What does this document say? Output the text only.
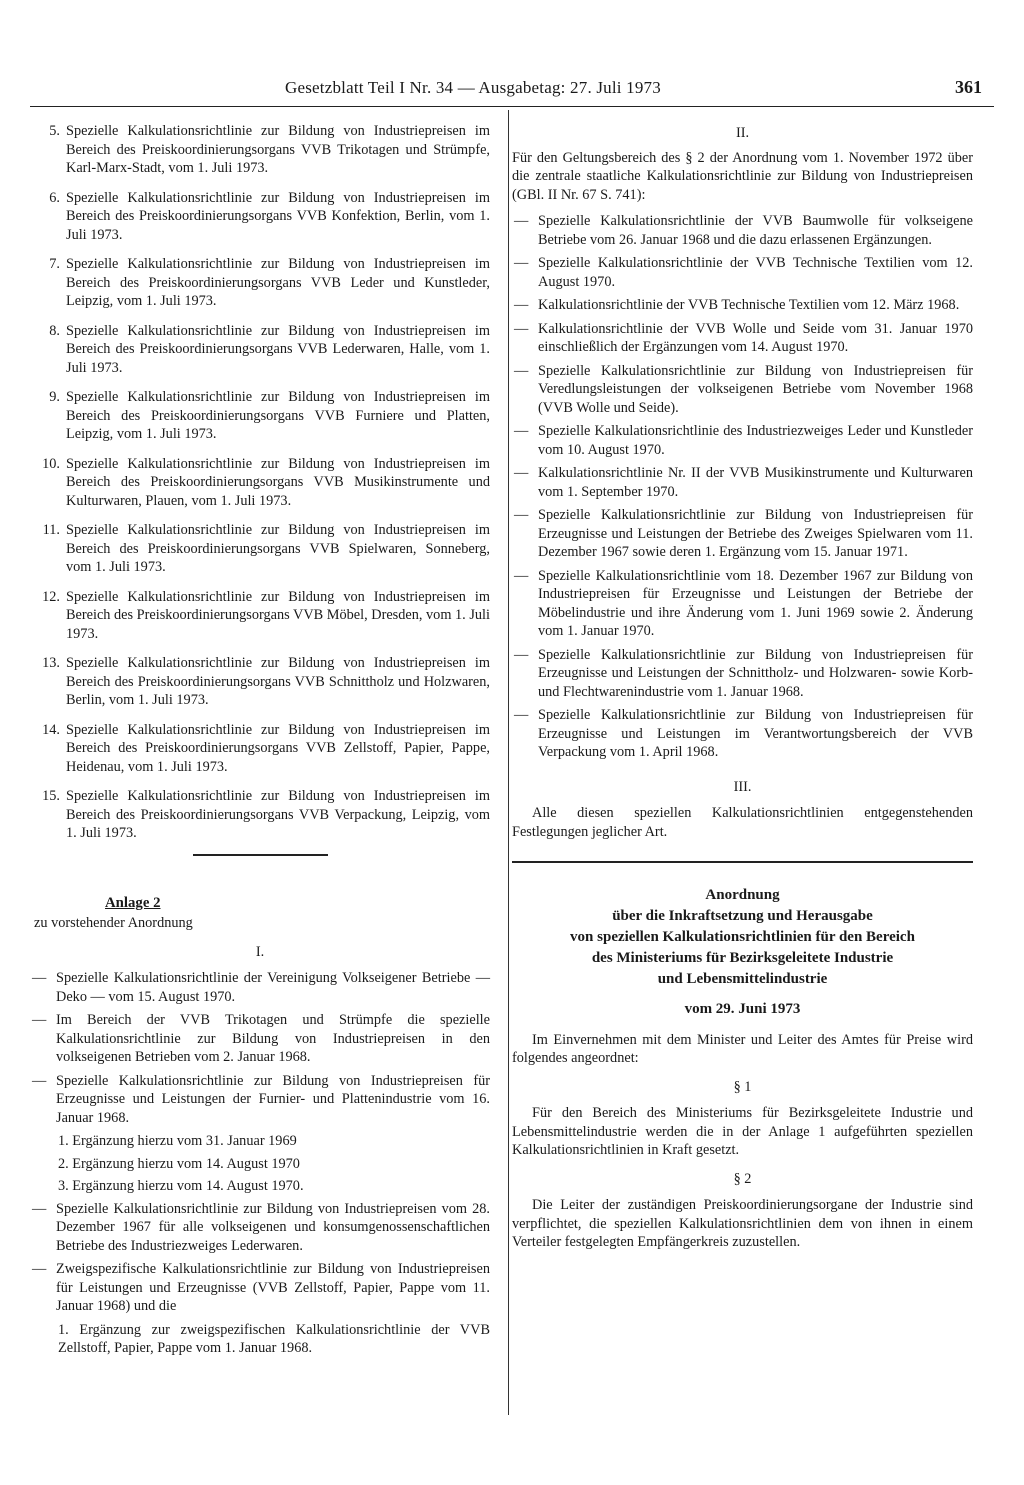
Gesetzblatt Teil I Nr. 34 — Ausgabetag: 27. Juli 1973	361
5. Spezielle Kalkulationsrichtlinie zur Bildung von Industriepreisen im Bereich des Preiskoordinierungsorgans VVB Trikotagen und Strümpfe, Karl-Marx-Stadt, vom 1. Juli 1973.
6. Spezielle Kalkulationsrichtlinie zur Bildung von Industriepreisen im Bereich des Preiskoordinierungsorgans VVB Konfektion, Berlin, vom 1. Juli 1973.
7. Spezielle Kalkulationsrichtlinie zur Bildung von Industriepreisen im Bereich des Preiskoordinierungsorgans VVB Leder und Kunstleder, Leipzig, vom 1. Juli 1973.
8. Spezielle Kalkulationsrichtlinie zur Bildung von Industriepreisen im Bereich des Preiskoordinierungsorgans VVB Lederwaren, Halle, vom 1. Juli 1973.
9. Spezielle Kalkulationsrichtlinie zur Bildung von Industriepreisen im Bereich des Preiskoordinierungsorgans VVB Furniere und Platten, Leipzig, vom 1. Juli 1973.
10. Spezielle Kalkulationsrichtlinie zur Bildung von Industriepreisen im Bereich des Preiskoordinierungsorgans VVB Musikinstrumente und Kulturwaren, Plauen, vom 1. Juli 1973.
11. Spezielle Kalkulationsrichtlinie zur Bildung von Industriepreisen im Bereich des Preiskoordinierungsorgans VVB Spielwaren, Sonneberg, vom 1. Juli 1973.
12. Spezielle Kalkulationsrichtlinie zur Bildung von Industriepreisen im Bereich des Preiskoordinierungsorgans VVB Möbel, Dresden, vom 1. Juli 1973.
13. Spezielle Kalkulationsrichtlinie zur Bildung von Industriepreisen im Bereich des Preiskoordinierungsorgans VVB Schnittholz und Holzwaren, Berlin, vom 1. Juli 1973.
14. Spezielle Kalkulationsrichtlinie zur Bildung von Industriepreisen im Bereich des Preiskoordinierungsorgans VVB Zellstoff, Papier, Pappe, Heidenau, vom 1. Juli 1973.
15. Spezielle Kalkulationsrichtlinie zur Bildung von Industriepreisen im Bereich des Preiskoordinierungsorgans VVB Verpackung, Leipzig, vom 1. Juli 1973.
Anlage 2
zu vorstehender Anordnung
I.
— Spezielle Kalkulationsrichtlinie der Vereinigung Volkseigener Betriebe — Deko — vom 15. August 1970.
— Im Bereich der VVB Trikotagen und Strümpfe die spezielle Kalkulationsrichtlinie zur Bildung von Industriepreisen in den volkseigenen Betrieben vom 2. Januar 1968.
— Spezielle Kalkulationsrichtlinie zur Bildung von Industriepreisen für Erzeugnisse und Leistungen der Furnier- und Plattenindustrie vom 16. Januar 1968.
1. Ergänzung hierzu vom 31. Januar 1969
2. Ergänzung hierzu vom 14. August 1970
3. Ergänzung hierzu vom 14. August 1970.
— Spezielle Kalkulationsrichtlinie zur Bildung von Industriepreisen vom 28. Dezember 1967 für alle volkseigenen und konsumgenossenschaftlichen Betriebe des Industriezweiges Lederwaren.
— Zweigspezifische Kalkulationsrichtlinie zur Bildung von Industriepreisen für Leistungen und Erzeugnisse (VVB Zellstoff, Papier, Pappe vom 11. Januar 1968) und die
1. Ergänzung zur zweigspezifischen Kalkulationsrichtlinie der VVB Zellstoff, Papier, Pappe vom 1. Januar 1968.
II.
Für den Geltungsbereich des § 2 der Anordnung vom 1. November 1972 über die zentrale staatliche Kalkulationsrichtlinie zur Bildung von Industriepreisen (GBl. II Nr. 67 S. 741):
— Spezielle Kalkulationsrichtlinie der VVB Baumwolle für volkseigene Betriebe vom 26. Januar 1968 und die dazu erlassenen Ergänzungen.
— Spezielle Kalkulationsrichtlinie der VVB Technische Textilien vom 12. August 1970.
— Kalkulationsrichtlinie der VVB Technische Textilien vom 12. März 1968.
— Kalkulationsrichtlinie der VVB Wolle und Seide vom 31. Januar 1970 einschließlich der Ergänzungen vom 14. August 1970.
— Spezielle Kalkulationsrichtlinie zur Bildung von Industriepreisen für Veredlungsleistungen der volkseigenen Betriebe vom November 1968 (VVB Wolle und Seide).
— Spezielle Kalkulationsrichtlinie des Industriezweiges Leder und Kunstleder vom 10. August 1970.
— Kalkulationsrichtlinie Nr. II der VVB Musikinstrumente und Kulturwaren vom 1. September 1970.
— Spezielle Kalkulationsrichtlinie zur Bildung von Industriepreisen für Erzeugnisse und Leistungen der Betriebe des Zweiges Spielwaren vom 11. Dezember 1967 sowie deren 1. Ergänzung vom 15. Januar 1971.
— Spezielle Kalkulationsrichtlinie vom 18. Dezember 1967 zur Bildung von Industriepreisen für Erzeugnisse und Leistungen der Betriebe der Möbelindustrie und ihre Änderung vom 1. Juni 1969 sowie 2. Änderung vom 1. Januar 1970.
— Spezielle Kalkulationsrichtlinie zur Bildung von Industriepreisen für Erzeugnisse und Leistungen der Schnittholz- und Holzwaren- sowie Korb- und Flechtwarenindustrie vom 1. Januar 1968.
— Spezielle Kalkulationsrichtlinie zur Bildung von Industriepreisen für Erzeugnisse und Leistungen im Verantwortungsbereich der VVB Verpackung vom 1. April 1968.
III.
Alle diesen speziellen Kalkulationsrichtlinien entgegenstehenden Festlegungen jeglicher Art.
Anordnung
über die Inkraftsetzung und Herausgabe
von speziellen Kalkulationsrichtlinien für den Bereich
des Ministeriums für Bezirksgeleitete Industrie
und Lebensmittelindustrie
vom 29. Juni 1973
Im Einvernehmen mit dem Minister und Leiter des Amtes für Preise wird folgendes angeordnet:
§ 1
Für den Bereich des Ministeriums für Bezirksgeleitete Industrie und Lebensmittelindustrie werden die in der Anlage 1 aufgeführten speziellen Kalkulationsrichtlinien in Kraft gesetzt.
§ 2
Die Leiter der zuständigen Preiskoordinierungsorgane der Industrie sind verpflichtet, die speziellen Kalkulationsrichtlinien dem von ihnen in einem Verteiler festgelegten Empfängerkreis zuzustellen.
